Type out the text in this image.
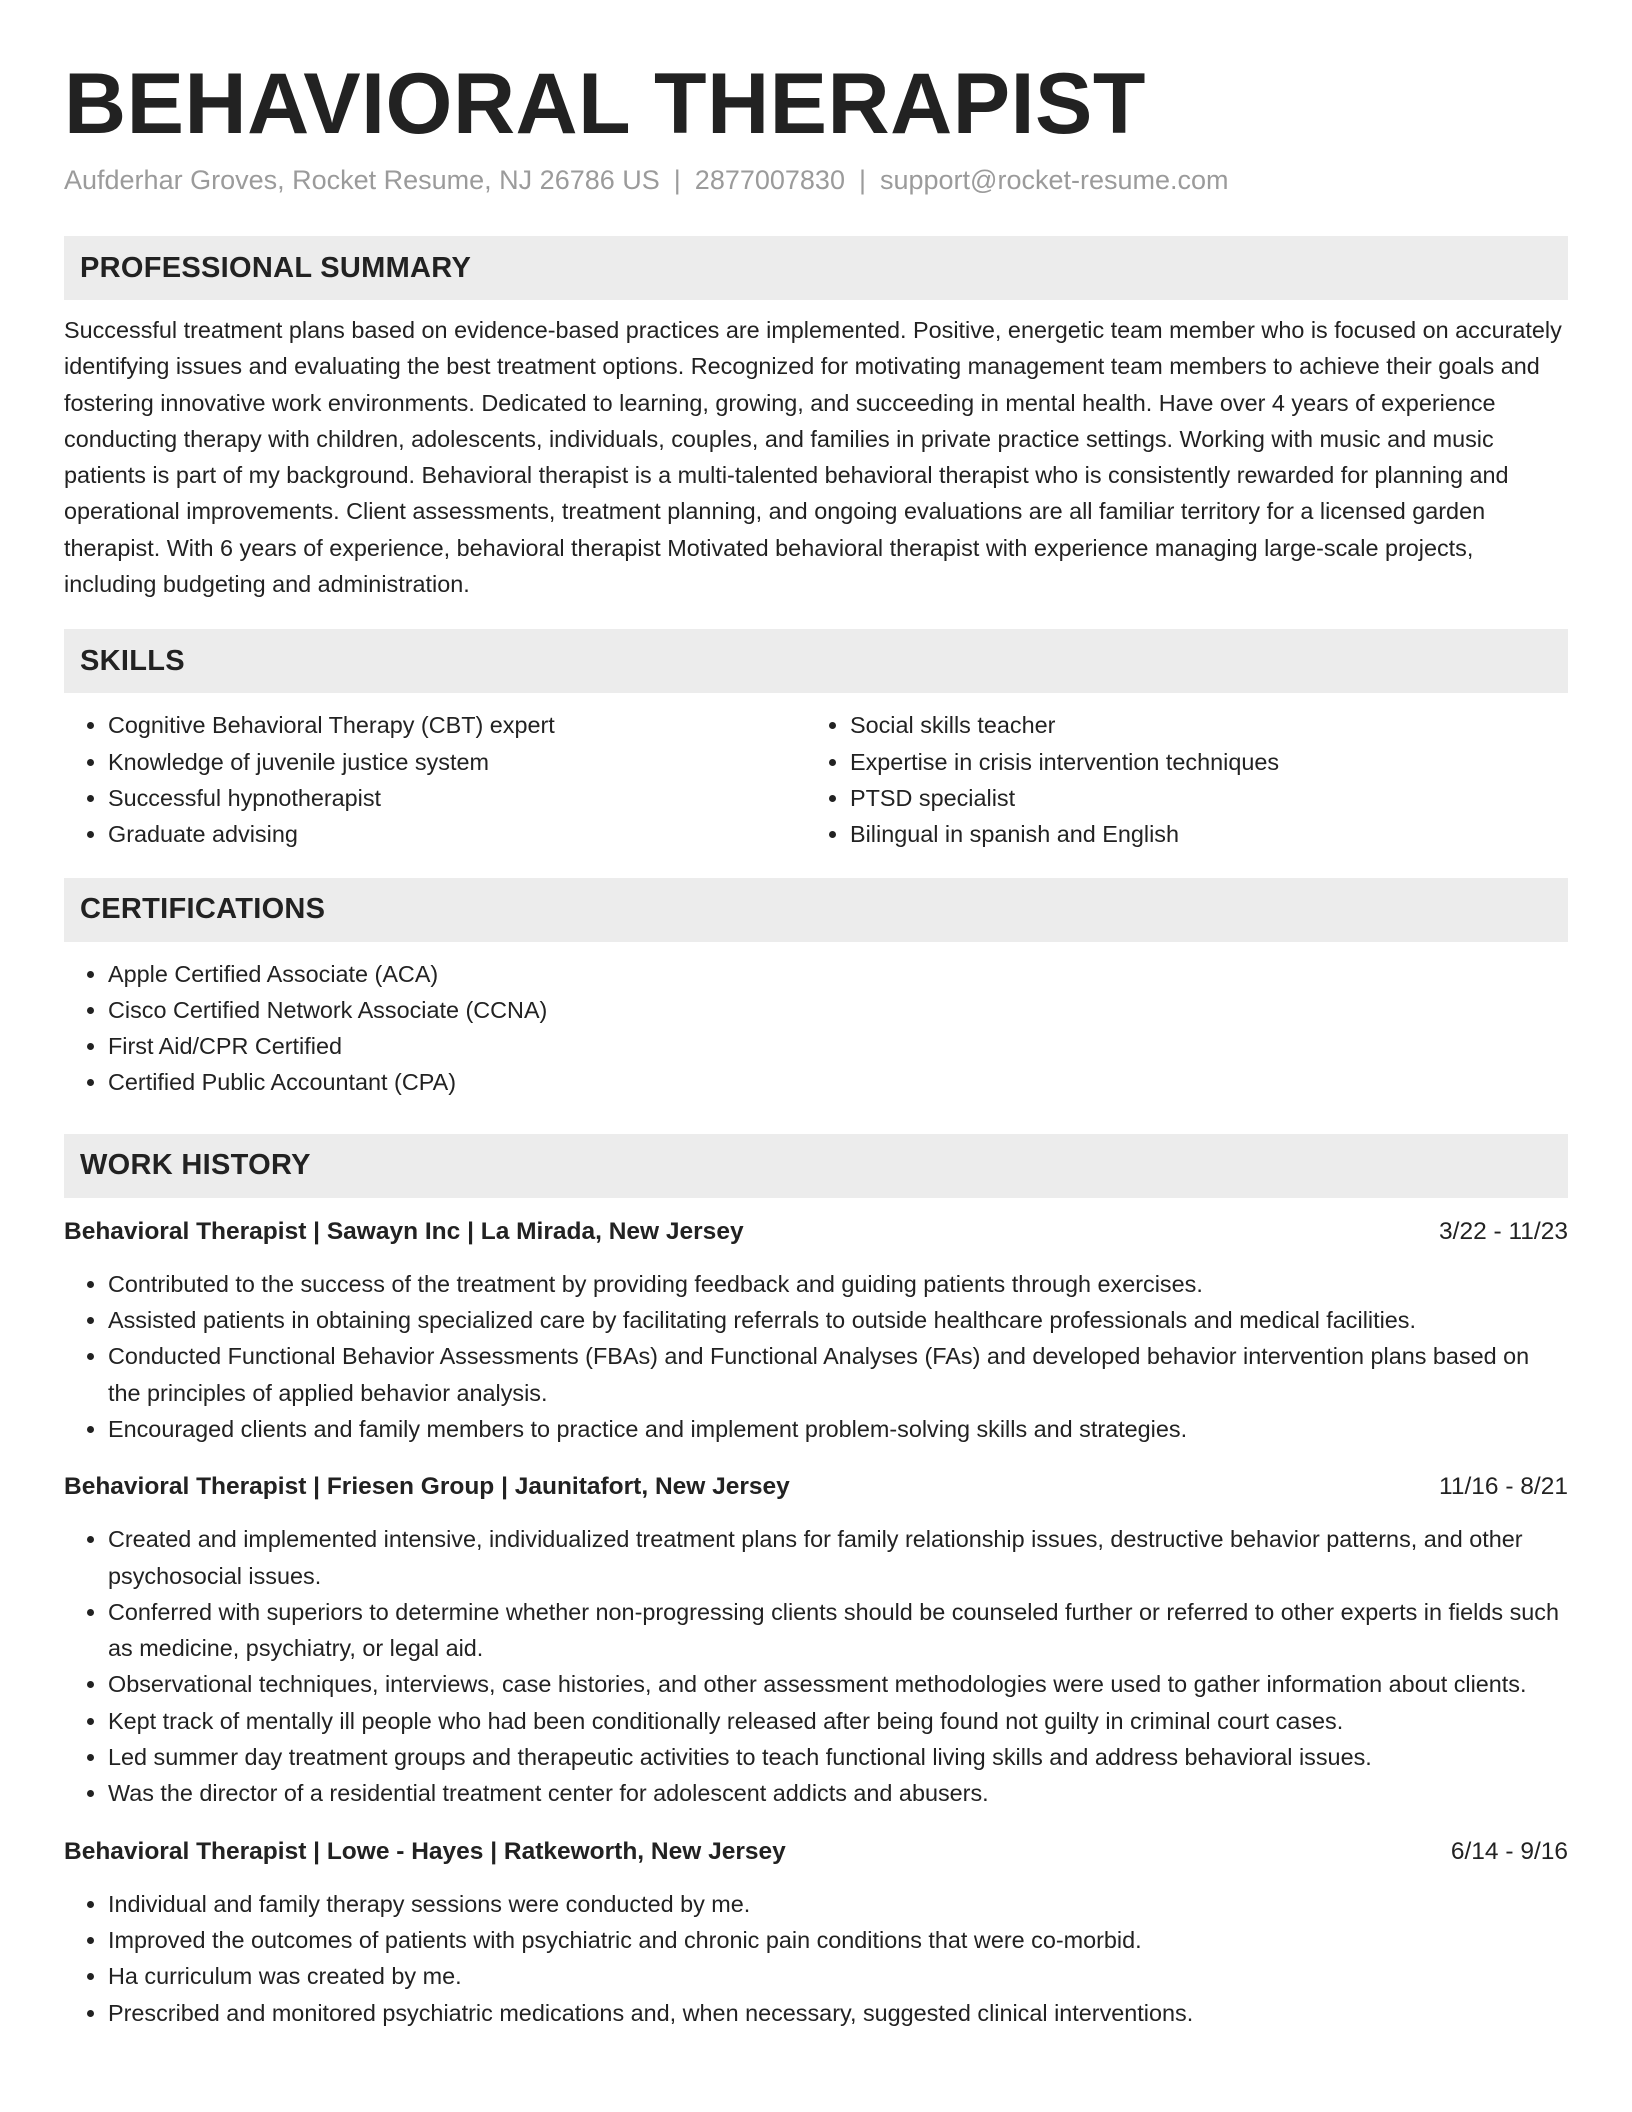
BEHAVIORAL THERAPIST
Aufderhar Groves, Rocket Resume, NJ 26786 US | 2877007830 | support@rocket-resume.com
PROFESSIONAL SUMMARY

Successful treatment plans based on evidence-based practices are implemented. Positive, energetic team member who is focused on accurately identifying issues and evaluating the best treatment options. Recognized for motivating management team members to achieve their goals and fostering innovative work environments. Dedicated to learning, growing, and succeeding in mental health. Have over 4 years of experience conducting therapy with children, adolescents, individuals, couples, and families in private practice settings. Working with music and music patients is part of my background. Behavioral therapist is a multi-talented behavioral therapist who is consistently rewarded for planning and operational improvements. Client assessments, treatment planning, and ongoing evaluations are all familiar territory for a licensed garden therapist. With 6 years of experience, behavioral therapist Motivated behavioral therapist with experience managing large-scale projects, including budgeting and administration.

SKILLS
• Cognitive Behavioral Therapy (CBT) expert
• Knowledge of juvenile justice system
• Successful hypnotherapist
• Graduate advising
• Social skills teacher
• Expertise in crisis intervention techniques
• PTSD specialist
• Bilingual in spanish and English
CERTIFICATIONS
• Apple Certified Associate (ACA)
• Cisco Certified Network Associate (CCNA)
• First Aid/CPR Certified
• Certified Public Accountant (CPA)
WORK HISTORY
Behavioral Therapist | Sawayn Inc | La Mirada, New Jersey	3/22 - 11/23
• Contributed to the success of the treatment by providing feedback and guiding patients through exercises.
• Assisted patients in obtaining specialized care by facilitating referrals to outside healthcare professionals and medical facilities.
• Conducted Functional Behavior Assessments (FBAs) and Functional Analyses (FAs) and developed behavior intervention plans based on the principles of applied behavior analysis.
• Encouraged clients and family members to practice and implement problem-solving skills and strategies.
Behavioral Therapist | Friesen Group | Jaunitafort, New Jersey	11/16 - 8/21
• Created and implemented intensive, individualized treatment plans for family relationship issues, destructive behavior patterns, and other psychosocial issues.
• Conferred with superiors to determine whether non-progressing clients should be counseled further or referred to other experts in fields such as medicine, psychiatry, or legal aid.
• Observational techniques, interviews, case histories, and other assessment methodologies were used to gather information about clients.
• Kept track of mentally ill people who had been conditionally released after being found not guilty in criminal court cases.
• Led summer day treatment groups and therapeutic activities to teach functional living skills and address behavioral issues.
• Was the director of a residential treatment center for adolescent addicts and abusers.
Behavioral Therapist | Lowe - Hayes | Ratkeworth, New Jersey	6/14 - 9/16
• Individual and family therapy sessions were conducted by me.
• Improved the outcomes of patients with psychiatric and chronic pain conditions that were co-morbid.
• Ha curriculum was created by me.
• Prescribed and monitored psychiatric medications and, when necessary, suggested clinical interventions.
